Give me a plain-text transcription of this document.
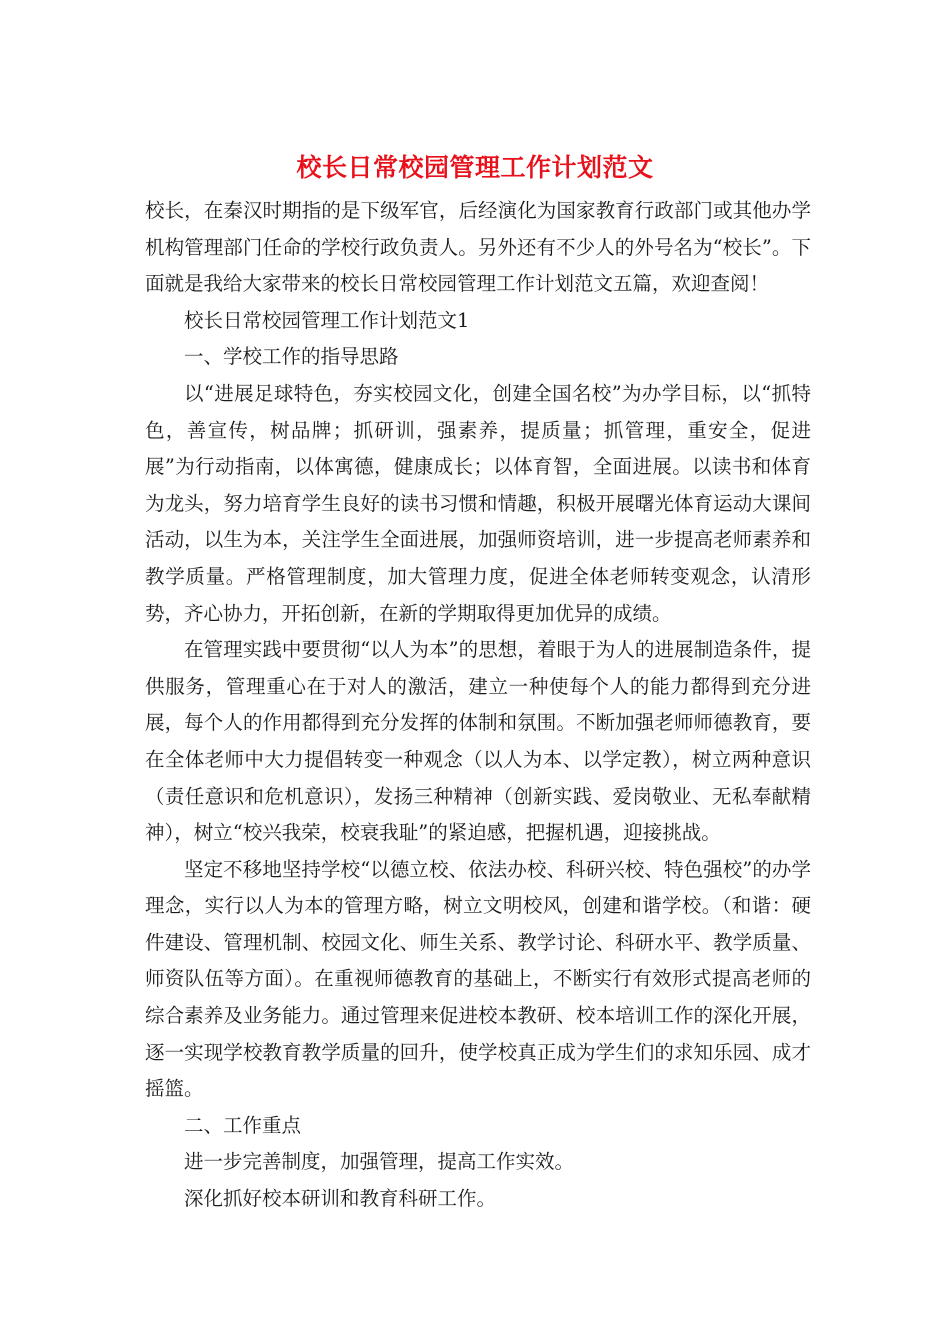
校长日常校园管理工作计划范文

校长，在秦汉时期指的是下级军官，后经演化为国家教育行政部门或其他办学机构管理部门任命的学校行政负责人。另外还有不少人的外号名为“校长”。下面就是我给大家带来的校长日常校园管理工作计划范文五篇，欢迎查阅！

校长日常校园管理工作计划范文1

一、学校工作的指导思路

以“进展足球特色，夯实校园文化，创建全国名校”为办学目标，以“抓特色，善宣传，树品牌；抓研训，强素养，提质量；抓管理，重安全，促进展”为行动指南，以体寓德，健康成长；以体育智，全面进展。以读书和体育为龙头，努力培育学生良好的读书习惯和情趣，积极开展曙光体育运动大课间活动，以生为本，关注学生全面进展，加强师资培训，进一步提高老师素养和教学质量。严格管理制度，加大管理力度，促进全体老师转变观念，认清形势，齐心协力，开拓创新，在新的学期取得更加优异的成绩。

在管理实践中要贯彻“以人为本”的思想，着眼于为人的进展制造条件，提供服务，管理重心在于对人的激活，建立一种使每个人的能力都得到充分进展，每个人的作用都得到充分发挥的体制和氛围。不断加强老师师德教育，要在全体老师中大力提倡转变一种观念（以人为本、以学定教），树立两种意识（责任意识和危机意识），发扬三种精神（创新实践、爱岗敬业、无私奉献精神），树立“校兴我荣，校衰我耻”的紧迫感，把握机遇，迎接挑战。

坚定不移地坚持学校“以德立校、依法办校、科研兴校、特色强校”的办学理念，实行以人为本的管理方略，树立文明校风，创建和谐学校。（和谐：硬件建设、管理机制、校园文化、师生关系、教学讨论、科研水平、教学质量、师资队伍等方面）。在重视师德教育的基础上，不断实行有效形式提高老师的综合素养及业务能力。通过管理来促进校本教研、校本培训工作的深化开展，逐一实现学校教育教学质量的回升，使学校真正成为学生们的求知乐园、成才摇篮。

二、工作重点

进一步完善制度，加强管理，提高工作实效。

深化抓好校本研训和教育科研工作。
